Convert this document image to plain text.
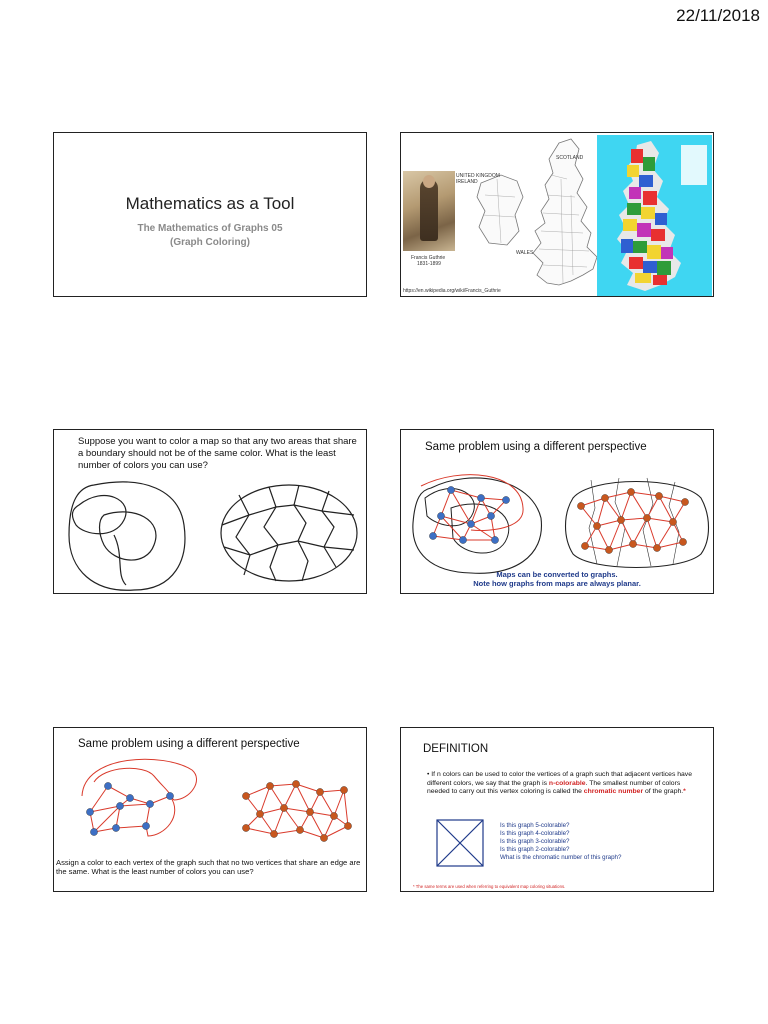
22/11/2018
Mathematics as a Tool
The Mathematics of Graphs 05
(Graph Coloring)
Francis Guthrie
1831-1899
UNITED KINGDOM
IRELAND
SCOTLAND
WALES
https://en.wikipedia.org/wiki/Francis_Guthrie
Suppose you want to color a map so that any two areas that share a boundary should not be of the same color. What is the least number of colors you can use?
Same problem using a different perspective
Maps can be converted to graphs.
Note how graphs from maps are always planar.
Same problem using a different perspective
Assign a color to each vertex of the graph such that no two vertices that share an edge are the same. What is the least number of colors you can use?
DEFINITION
• If n colors can be used to color the vertices of a graph such that adjacent vertices have different colors, we say that the graph is n-colorable. The smallest number of colors needed to carry out this vertex coloring is called the chromatic number of the graph.*
Is this graph 5-colorable?
Is this graph 4-colorable?
Is this graph 3-colorable?
Is this graph 2-colorable?
What is the chromatic number of this graph?
* The same terms are used when referring to equivalent map coloring situations.
